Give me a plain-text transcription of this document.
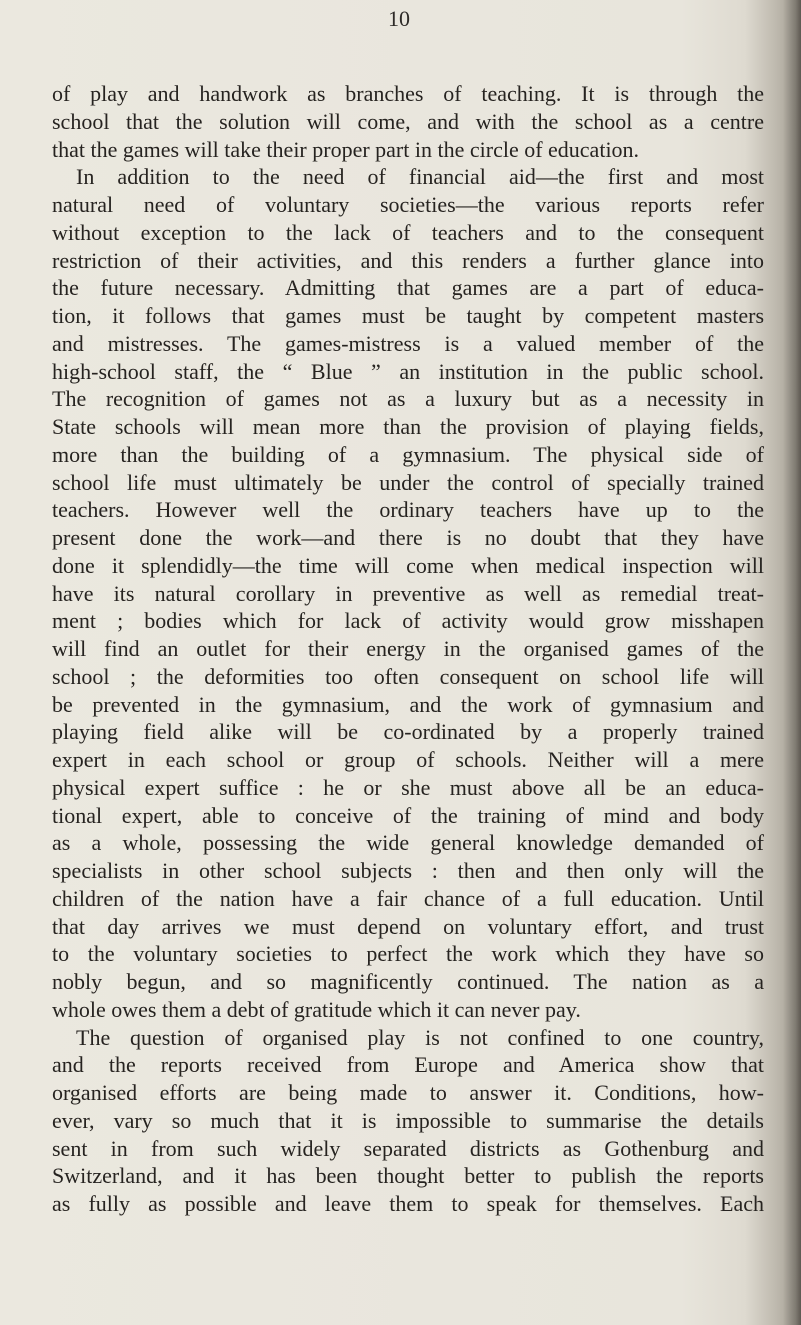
10

of play and handwork as branches of teaching. It is through the
school that the solution will come, and with the school as a centre
that the games will take their proper part in the circle of education.

In addition to the need of financial aid—the first and most
natural need of voluntary societies—the various reports refer
without exception to the lack of teachers and to the consequent
restriction of their activities, and this renders a further glance into
the future necessary. Admitting that games are a part of educa-
tion, it follows that games must be taught by competent masters
and mistresses. The games-mistress is a valued member of the
high-school staff, the “ Blue ” an institution in the public school.
The recognition of games not as a luxury but as a necessity in
State schools will mean more than the provision of playing fields,
more than the building of a gymnasium. The physical side of
school life must ultimately be under the control of specially trained
teachers. However well the ordinary teachers have up to the
present done the work—and there is no doubt that they have
done it splendidly—the time will come when medical inspection will
have its natural corollary in preventive as well as remedial treat-
ment ; bodies which for lack of activity would grow misshapen
will find an outlet for their energy in the organised games of the
school ; the deformities too often consequent on school life will
be prevented in the gymnasium, and the work of gymnasium and
playing field alike will be co-ordinated by a properly trained
expert in each school or group of schools. Neither will a mere
physical expert suffice : he or she must above all be an educa-
tional expert, able to conceive of the training of mind and body
as a whole, possessing the wide general knowledge demanded of
specialists in other school subjects : then and then only will the
children of the nation have a fair chance of a full education. Until
that day arrives we must depend on voluntary effort, and trust
to the voluntary societies to perfect the work which they have so
nobly begun, and so magnificently continued. The nation as a
whole owes them a debt of gratitude which it can never pay.

The question of organised play is not confined to one country,
and the reports received from Europe and America show that
organised efforts are being made to answer it. Conditions, how-
ever, vary so much that it is impossible to summarise the details
sent in from such widely separated districts as Gothenburg and
Switzerland, and it has been thought better to publish the reports
as fully as possible and leave them to speak for themselves. Each
